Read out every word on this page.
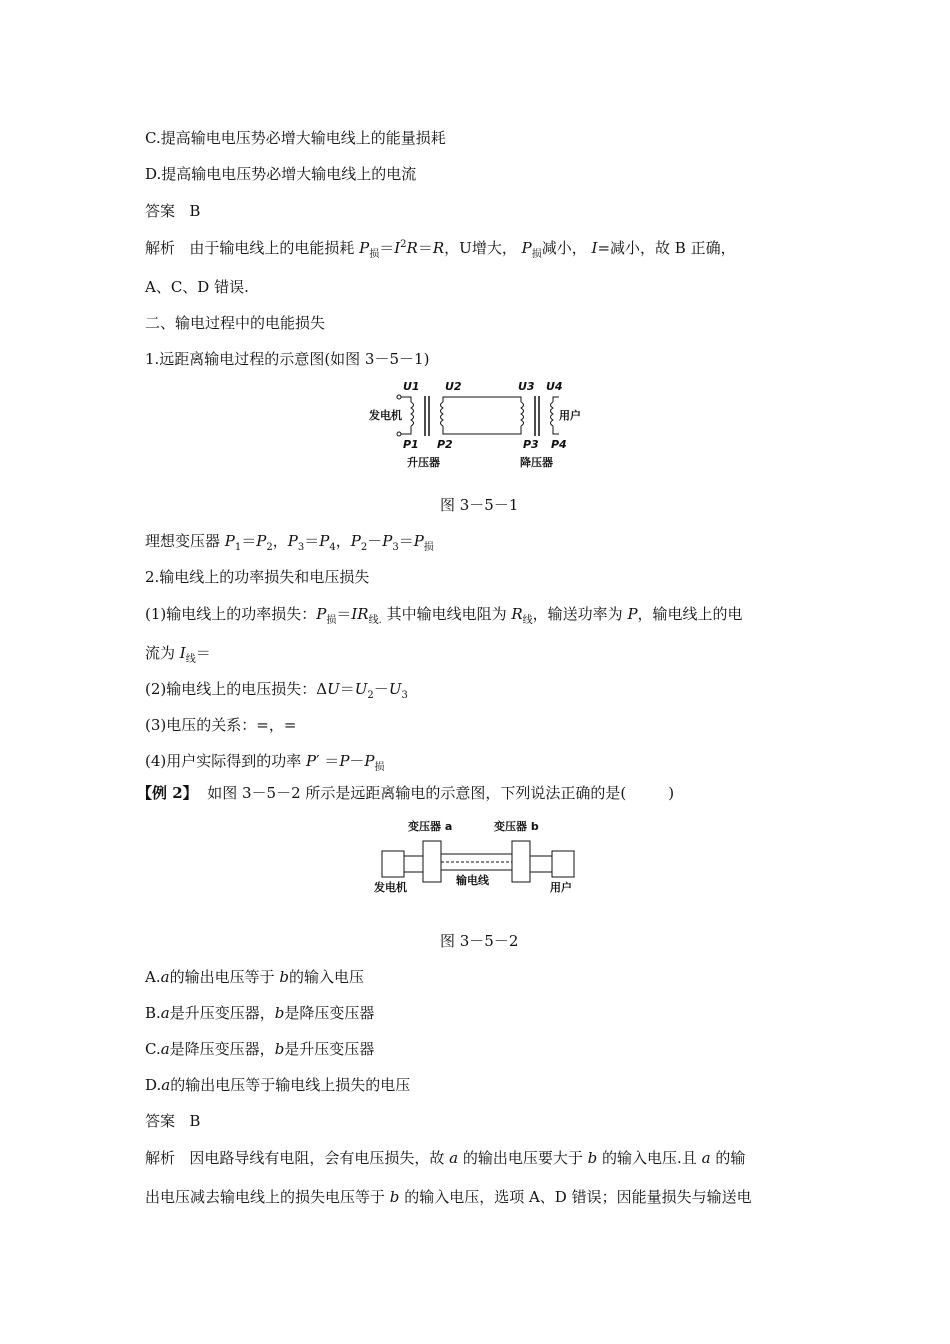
C.提高输电电压势必增大输电线上的能量损耗
D.提高输电电压势必增大输电线上的电流
答案 B
解析 由于输电线上的电能损耗 $P_损=I^2R=R$，U增大， $P_损$减小， I=减小，故 B 正确，
A、C、D 错误.
二、输电过程中的电能损失
1.远距离输电过程的示意图(如图 3－5－1)
U1 U2	U3 U4
P1 P2	P3 P4
发电机	用户
升压器	降压器
图 3－5－1
理想变压器 $P_1=P_2$，$P_3=P_4$，$P_2-P_3=P_损$
2.输电线上的功率损失和电压损失
(1)输电线上的功率损失：$P_损=IR_{线.}$ 其中输电线电阻为 $R_线$，输送功率为 P，输电线上的电
流为 $I_线=$
(2)输电线上的电压损失：$\Delta U=U_2-U_3$
(3)电压的关系：=，=
(4)用户实际得到的功率 $P' =P-P_损$
【例 2】 如图 3－5－2 所示是远距离输电的示意图，下列说法正确的是(	)
变压器 a	变压器 b
发电机
输电线
用户
图 3－5－2
A.a的输出电压等于 b的输入电压
B.a是升压变压器，b是降压变压器
C.a是降压变压器，b是升压变压器
D.a的输出电压等于输电线上损失的电压
答案 B
解析 因电路导线有电阻，会有电压损失，故 a 的输出电压要大于 b 的输入电压.且 a 的输
出电压减去输电线上的损失电压等于 b 的输入电压，选项 A、D 错误；因能量损失与输送电
